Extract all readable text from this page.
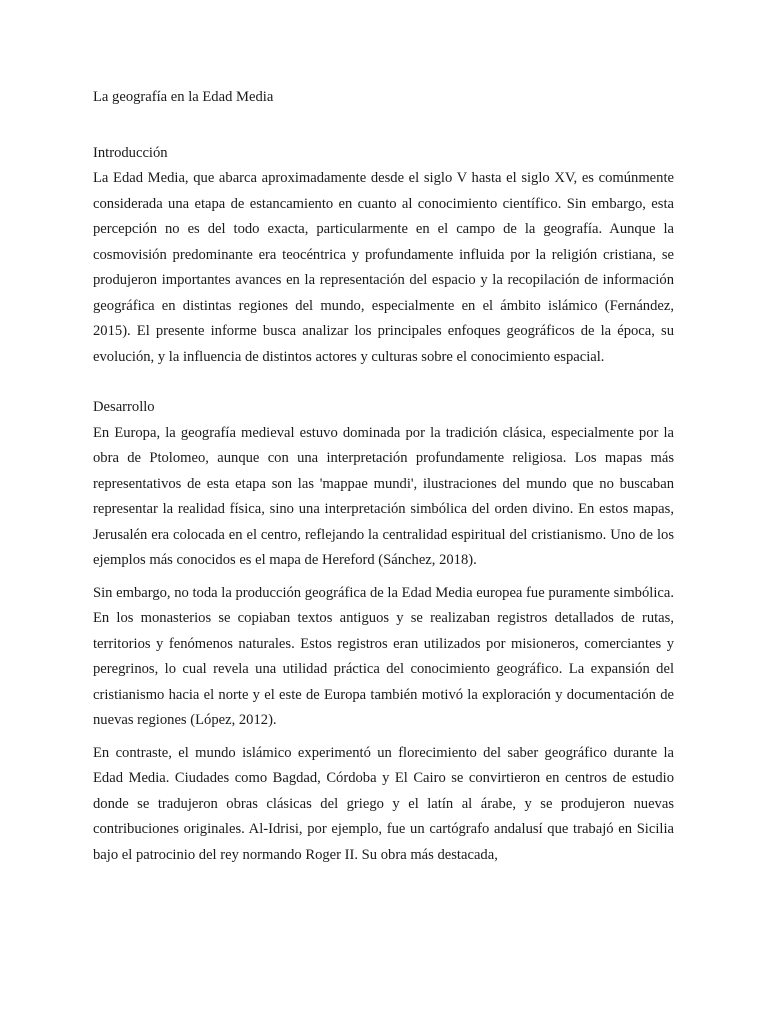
La geografía en la Edad Media
Introducción

La Edad Media, que abarca aproximadamente desde el siglo V hasta el siglo XV, es comúnmente considerada una etapa de estancamiento en cuanto al conocimiento científico. Sin embargo, esta percepción no es del todo exacta, particularmente en el campo de la geografía. Aunque la cosmovisión predominante era teocéntrica y profundamente influida por la religión cristiana, se produjeron importantes avances en la representación del espacio y la recopilación de información geográfica en distintas regiones del mundo, especialmente en el ámbito islámico (Fernández, 2015). El presente informe busca analizar los principales enfoques geográficos de la época, su evolución, y la influencia de distintos actores y culturas sobre el conocimiento espacial.

Desarrollo

En Europa, la geografía medieval estuvo dominada por la tradición clásica, especialmente por la obra de Ptolomeo, aunque con una interpretación profundamente religiosa. Los mapas más representativos de esta etapa son las 'mappae mundi', ilustraciones del mundo que no buscaban representar la realidad física, sino una interpretación simbólica del orden divino. En estos mapas, Jerusalén era colocada en el centro, reflejando la centralidad espiritual del cristianismo. Uno de los ejemplos más conocidos es el mapa de Hereford (Sánchez, 2018).

Sin embargo, no toda la producción geográfica de la Edad Media europea fue puramente simbólica. En los monasterios se copiaban textos antiguos y se realizaban registros detallados de rutas, territorios y fenómenos naturales. Estos registros eran utilizados por misioneros, comerciantes y peregrinos, lo cual revela una utilidad práctica del conocimiento geográfico. La expansión del cristianismo hacia el norte y el este de Europa también motivó la exploración y documentación de nuevas regiones (López, 2012).

En contraste, el mundo islámico experimentó un florecimiento del saber geográfico durante la Edad Media. Ciudades como Bagdad, Córdoba y El Cairo se convirtieron en centros de estudio donde se tradujeron obras clásicas del griego y el latín al árabe, y se produjeron nuevas contribuciones originales. Al-Idrisi, por ejemplo, fue un cartógrafo andalusí que trabajó en Sicilia bajo el patrocinio del rey normando Roger II. Su obra más destacada,
